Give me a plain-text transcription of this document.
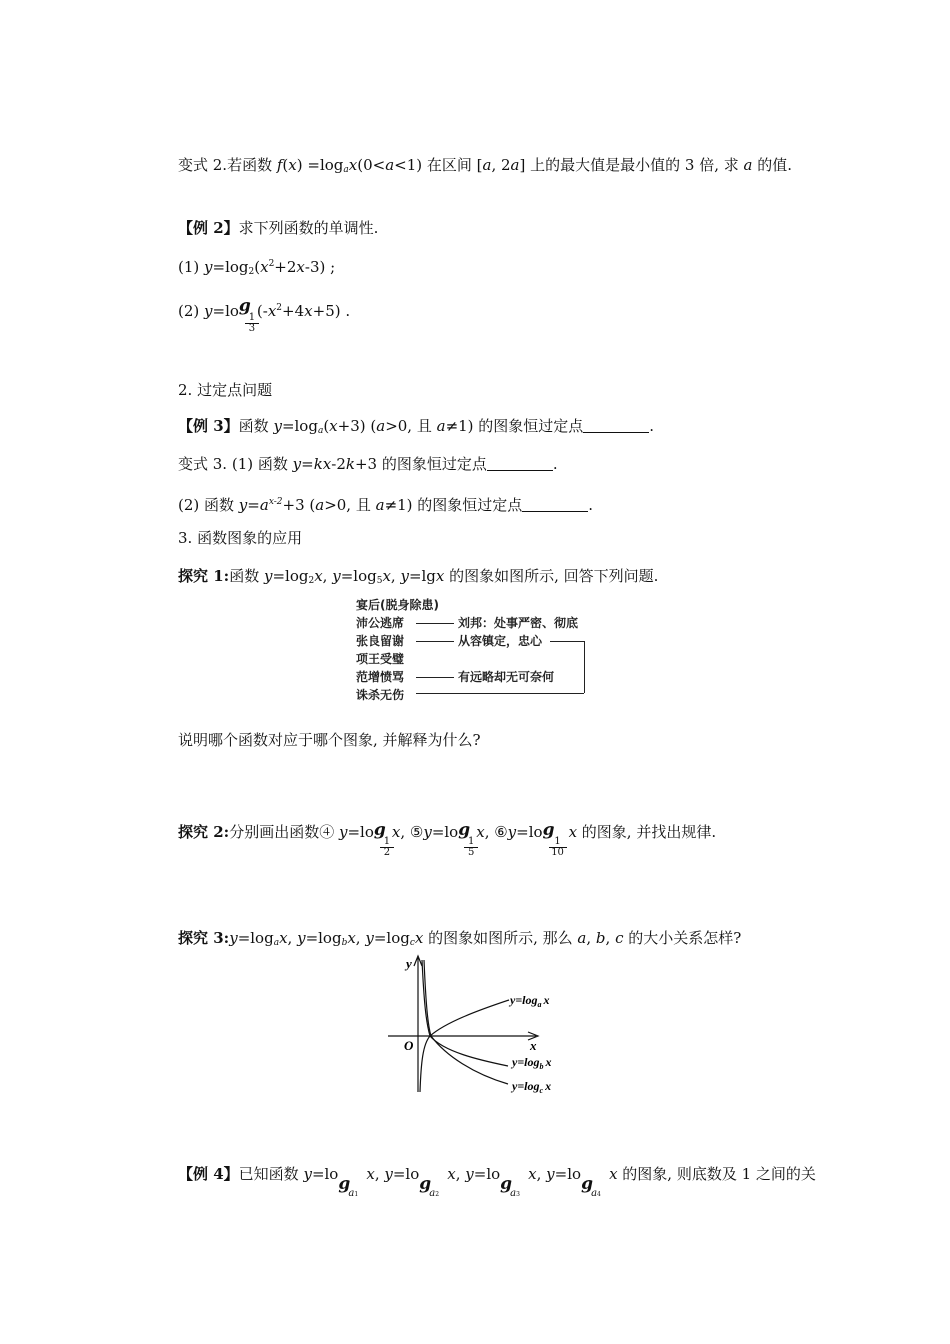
变式 2.若函数 $f(x) =\log_ax(0<a<1)$ 在区间 [a, 2a] 上的最大值是最小值的 3 倍, 求 a 的值.
【例 2】求下列函数的单调性.
(1) $y=\log_2(x^2+2x-3)$ ;
(2) y=lo g
$\frac{1}{3}$
$(-x^2+4x+5)$ .
2. 过定点问题
【例 3】函数 $y=\log_a(x+3)$ (a>0, 且 a≠1) 的图象恒过定点	.
变式 3. (1) 函数 y=kx-2k+3 的图象恒过定点	.
(2) 函数 $y=a^{x-2}+3$ (a>0, 且 a≠1) 的图象恒过定点	.
3. 函数图象的应用
探究 1:函数 $y=\log_2x$, $y=\log_5x$, y=lgx 的图象如图所示, 回答下列问题.
宴后(脱身除患)
沛公逃席
张良留谢
项王受璧
范增愤骂
诛杀无伤
刘邦：处事严密、彻底
从容镇定，忠心
有远略却无可奈何
说明哪个函数对应于哪个图象, 并解释为什么?
探究 2:分别画出函数④ y=lo g
$\frac{1}{2}$
x, ⑤y=lo g
$\frac{1}{5}$
x, ⑥y=lo g
$\frac{1}{10}$
x 的图象, 并找出规律.
探究 $3:y=\log_ax$, $y=\log_bx$, $y=\log_cx$ 的图象如图所示, 那么 a, b, c 的大小关系怎样?
y
x
O
$y=\log_a$ x
$y=\log_b$ x
$y=\log_c$ x
【例 4】已知函数 y=lo g
$a_1$
x, y=lo g
$a_2$
x, y=lo g
$a_3$
x, y=lo g
$a_4$
x 的图象, 则底数及 1 之间的关
